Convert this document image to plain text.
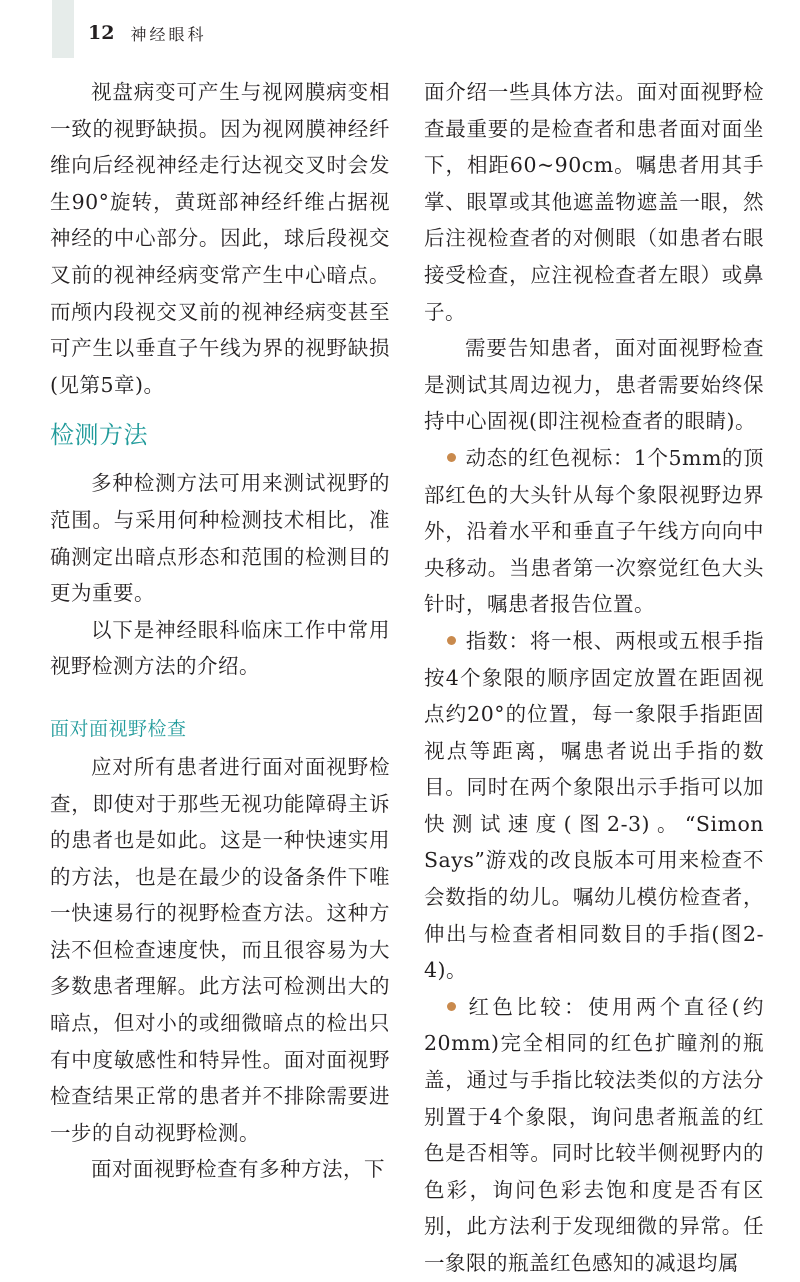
12 神经眼科

视盘病变可产生与视网膜病变相一致的视野缺损。因为视网膜神经纤维向后经视神经走行达视交叉时会发生90°旋转，黄斑部神经纤维占据视神经的中心部分。因此，球后段视交叉前的视神经病变常产生中心暗点。而颅内段视交叉前的视神经病变甚至可产生以垂直子午线为界的视野缺损(见第5章)。

检测方法

多种检测方法可用来测试视野的范围。与采用何种检测技术相比，准确测定出暗点形态和范围的检测目的更为重要。

以下是神经眼科临床工作中常用视野检测方法的介绍。

面对面视野检查

应对所有患者进行面对面视野检查，即使对于那些无视功能障碍主诉的患者也是如此。这是一种快速实用的方法，也是在最少的设备条件下唯一快速易行的视野检查方法。这种方法不但检查速度快，而且很容易为大多数患者理解。此方法可检测出大的暗点，但对小的或细微暗点的检出只有中度敏感性和特异性。面对面视野检查结果正常的患者并不排除需要进一步的自动视野检测。

面对面视野检查有多种方法，下

面介绍一些具体方法。面对面视野检查最重要的是检查者和患者面对面坐下，相距60~90cm。嘱患者用其手掌、眼罩或其他遮盖物遮盖一眼，然后注视检查者的对侧眼（如患者右眼接受检查，应注视检查者左眼）或鼻子。

需要告知患者，面对面视野检查是测试其周边视力，患者需要始终保持中心固视(即注视检查者的眼睛)。

动态的红色视标：1个5mm的顶部红色的大头针从每个象限视野边界外，沿着水平和垂直子午线方向向中央移动。当患者第一次察觉红色大头针时，嘱患者报告位置。

指数：将一根、两根或五根手指按4个象限的顺序固定放置在距固视点约20°的位置，每一象限手指距固视点等距离，嘱患者说出手指的数目。同时在两个象限出示手指可以加快测试速度(图2-3)。“Simon Says”游戏的改良版本可用来检查不会数指的幼儿。嘱幼儿模仿检查者，伸出与检查者相同数目的手指(图2-4)。

红色比较：使用两个直径(约20mm)完全相同的红色扩瞳剂的瓶盖，通过与手指比较法类似的方法分别置于4个象限，询问患者瓶盖的红色是否相等。同时比较半侧视野内的色彩，询问色彩去饱和度是否有区别，此方法利于发现细微的异常。任一象限的瓶盖红色感知的减退均属
